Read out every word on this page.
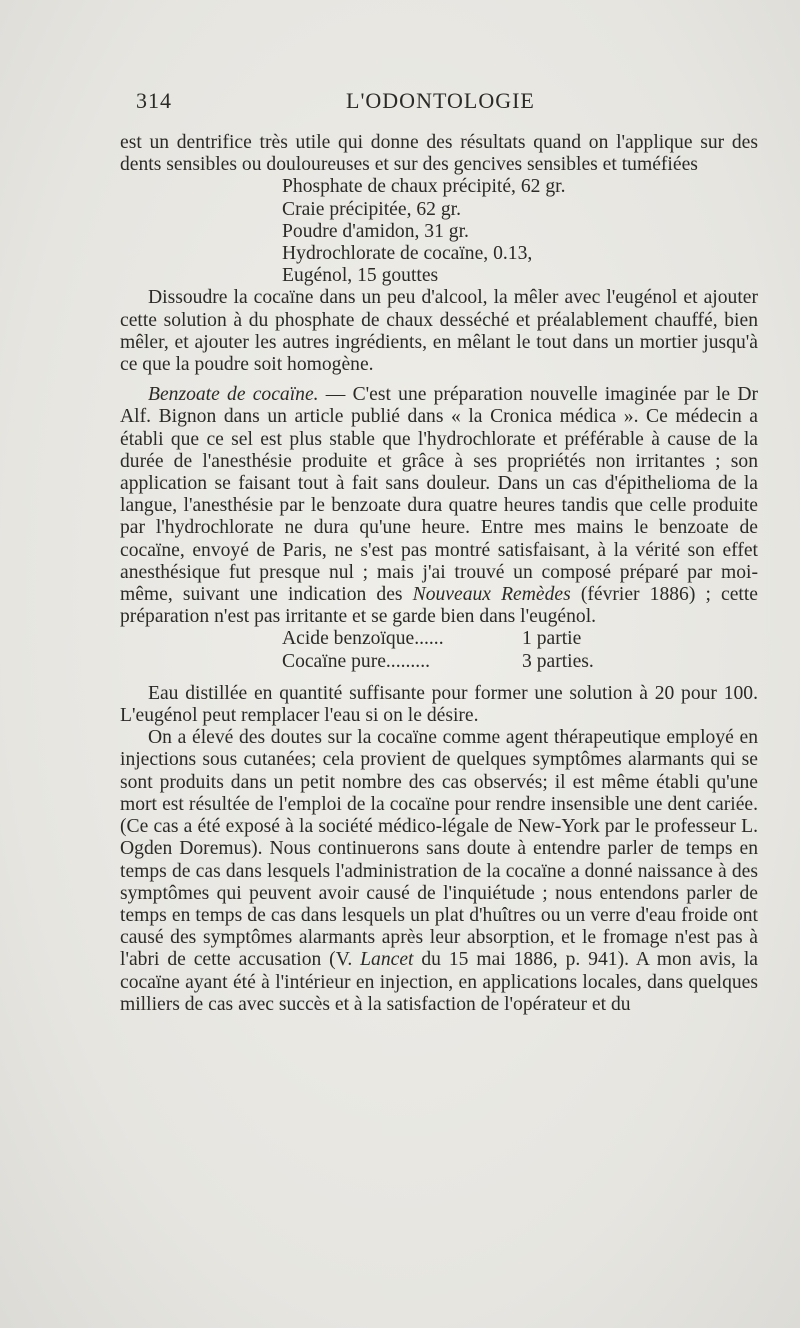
314	L'ODONTOLOGIE

est un dentrifice très utile qui donne des résultats quand on l'applique sur des dents sensibles ou douloureuses et sur des gencives sensibles et tuméfiées

Phosphate de chaux précipité, 62 gr.
Craie précipitée, 62 gr.
Poudre d'amidon, 31 gr.
Hydrochlorate de cocaïne, 0.13,
Eugénol, 15 gouttes

Dissoudre la cocaïne dans un peu d'alcool, la mêler avec l'eugénol et ajouter cette solution à du phosphate de chaux desséché et préalablement chauffé, bien mêler, et ajouter les autres ingrédients, en mêlant le tout dans un mortier jusqu'à ce que la poudre soit homogène.

Benzoate de cocaïne. — C'est une préparation nouvelle imaginée par le Dr Alf. Bignon dans un article publié dans « la Cronica médica ». Ce médecin a établi que ce sel est plus stable que l'hydrochlorate et préférable à cause de la durée de l'anesthésie produite et grâce à ses propriétés non irritantes ; son application se faisant tout à fait sans douleur. Dans un cas d'épithelioma de la langue, l'anesthésie par le benzoate dura quatre heures tandis que celle produite par l'hydrochlorate ne dura qu'une heure. Entre mes mains le benzoate de cocaïne, envoyé de Paris, ne s'est pas montré satisfaisant, à la vérité son effet anesthésique fut presque nul ; mais j'ai trouvé un composé préparé par moi-même, suivant une indication des Nouveaux Remèdes (février 1886) ; cette préparation n'est pas irritante et se garde bien dans l'eugénol.

Acide benzoïque......	1 partie
Cocaïne pure.........	3 parties.

Eau distillée en quantité suffisante pour former une solution à 20 pour 100. L'eugénol peut remplacer l'eau si on le désire.

On a élevé des doutes sur la cocaïne comme agent thérapeutique employé en injections sous cutanées; cela provient de quelques symptômes alarmants qui se sont produits dans un petit nombre des cas observés; il est même établi qu'une mort est résultée de l'emploi de la cocaïne pour rendre insensible une dent cariée. (Ce cas a été exposé à la société médico-légale de New-York par le professeur L. Ogden Doremus). Nous continuerons sans doute à entendre parler de temps en temps de cas dans lesquels l'administration de la cocaïne a donné naissance à des symptômes qui peuvent avoir causé de l'inquiétude ; nous entendons parler de temps en temps de cas dans lesquels un plat d'huîtres ou un verre d'eau froide ont causé des symptômes alarmants après leur absorption, et le fromage n'est pas à l'abri de cette accusation (V. Lancet du 15 mai 1886, p. 941). A mon avis, la cocaïne ayant été à l'intérieur en injection, en applications locales, dans quelques milliers de cas avec succès et à la satisfaction de l'opérateur et du
